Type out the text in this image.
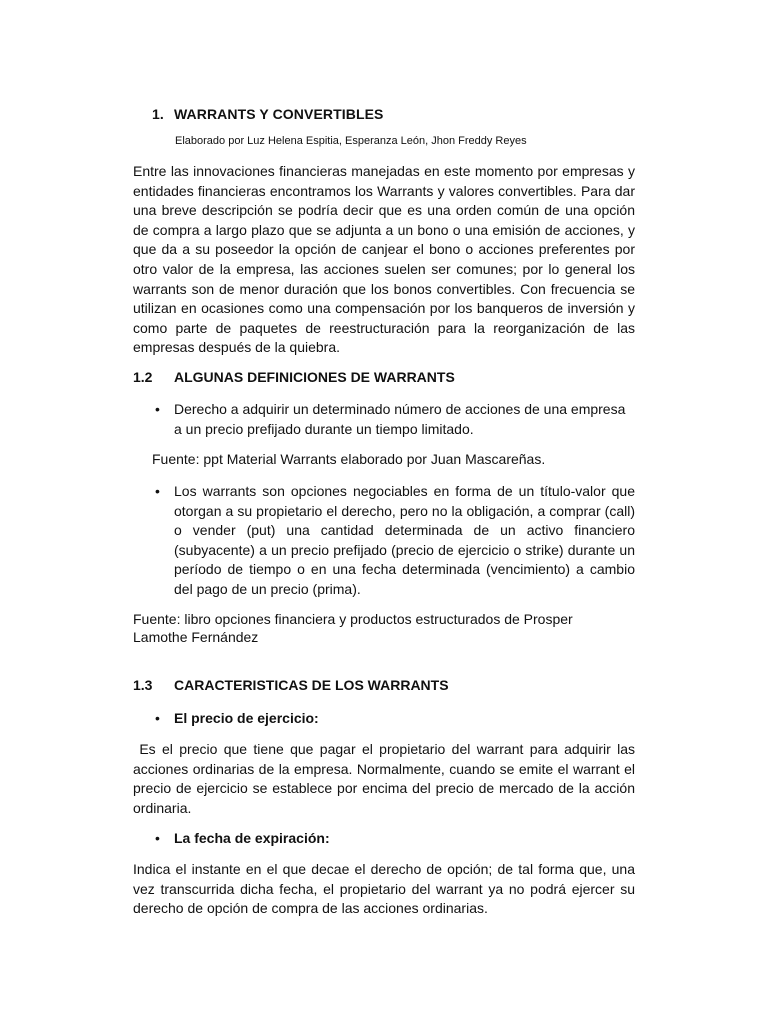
1. WARRANTS Y CONVERTIBLES
Elaborado por Luz Helena Espitia, Esperanza León, Jhon Freddy Reyes

Entre las innovaciones financieras manejadas en este momento por empresas y entidades financieras encontramos los Warrants y valores convertibles. Para dar una breve descripción se podría decir que es una orden común de una opción de compra a largo plazo que se adjunta a un bono o una emisión de acciones, y que da a su poseedor la opción de canjear el bono o acciones preferentes por otro valor de la empresa, las acciones suelen ser comunes; por lo general los warrants son de menor duración que los bonos convertibles. Con frecuencia se utilizan en ocasiones como una compensación por los banqueros de inversión y como parte de paquetes de reestructuración para la reorganización de las empresas después de la quiebra.

1.2 ALGUNAS DEFINICIONES DE WARRANTS
•	Derecho a adquirir un determinado número de acciones de una empresa a un precio prefijado durante un tiempo limitado.
Fuente: ppt Material Warrants elaborado por Juan Mascareñas.
•	Los warrants son opciones negociables en forma de un título-valor que otorgan a su propietario el derecho, pero no la obligación, a comprar (call) o vender (put) una cantidad determinada de un activo financiero (subyacente) a un precio prefijado (precio de ejercicio o strike) durante un período de tiempo o en una fecha determinada (vencimiento) a cambio del pago de un precio (prima).
Fuente: libro opciones financiera y productos estructurados de Prosper
Lamothe Fernández
1.3 CARACTERISTICAS DE LOS WARRANTS
•	El precio de ejercicio:

Es el precio que tiene que pagar el propietario del warrant para adquirir las acciones ordinarias de la empresa. Normalmente, cuando se emite el warrant el precio de ejercicio se establece por encima del precio de mercado de la acción ordinaria.

•	La fecha de expiración:

Indica el instante en el que decae el derecho de opción; de tal forma que, una vez transcurrida dicha fecha, el propietario del warrant ya no podrá ejercer su derecho de opción de compra de las acciones ordinarias.
